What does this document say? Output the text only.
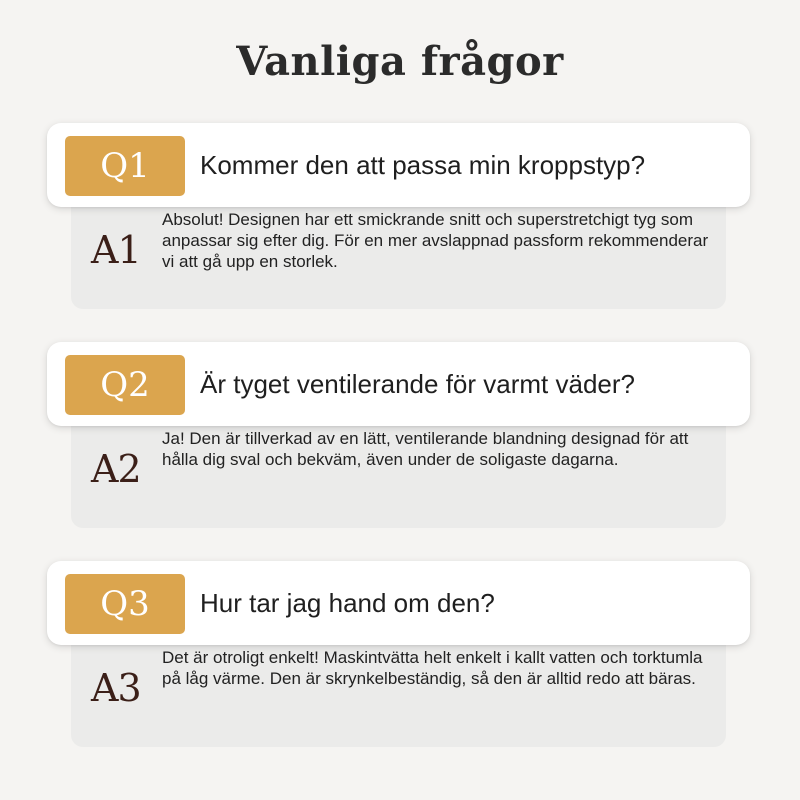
Vanliga frågor
A1
Absolut! Designen har ett smickrande snitt och superstretchigt tyg som anpassar sig efter dig. För en mer avslappnad passform rekommenderar vi att gå upp en storlek.
Q1	Kommer den att passa min kroppstyp?
A2
Ja! Den är tillverkad av en lätt, ventilerande blandning designad för att hålla dig sval och bekväm, även under de soligaste dagarna.
Q2	Är tyget ventilerande för varmt väder?
A3
Det är otroligt enkelt! Maskintvätta helt enkelt i kallt vatten och torktumla på låg värme. Den är skrynkelbeständig, så den är alltid redo att bäras.
Q3	Hur tar jag hand om den?
